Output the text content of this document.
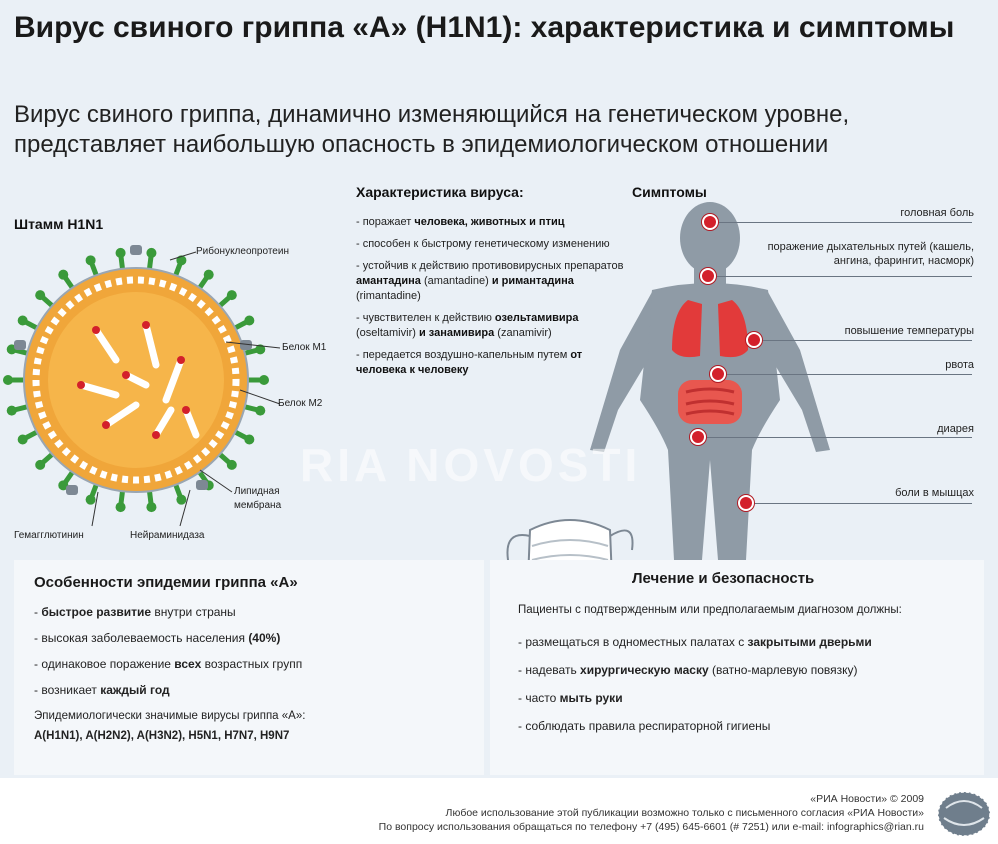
Вирус свиного гриппа «А» (H1N1): характеристика и симптомы
Вирус свиного гриппа, динамично изменяющийся на генетическом уровне, представляет наибольшую опасность в эпидемиологическом отношении
Штамм H1N1
Рибонуклеопротеин
Белок М1
Белок М2
Липидная
мембрана
Гемагглютинин	Нейраминидаза
Характеристика вируса:
- поражает человека, животных и птиц
- способен к быстрому генетическому изменению
- устойчив к действию противовирусных препаратов амантадина (amantadine) и римантадина (rimantadine)
- чувствителен к действию озельтамивира (oseltamivir) и занамивира (zanamivir)
- передается воздушно-капельным путем от человека к человеку
Симптомы
головная боль
поражение дыхательных путей (кашель, ангина, фарингит, насморк)
повышение температуры
рвота
диарея
боли в мышцах
RIA NOVOSTI
Особенности эпидемии гриппа «А»
- быстрое развитие внутри страны
- высокая заболеваемость населения (40%)
- одинаковое поражение всех возрастных групп
- возникает каждый год
Эпидемиологически значимые вирусы гриппа «А»:
A(H1N1), A(H2N2), A(H3N2), H5N1, H7N7, H9N7
Лечение и безопасность
Пациенты с подтвержденным или предполагаемым диагнозом должны:
- размещаться в одноместных палатах с закрытыми дверьми
- надевать хирургическую маску (ватно-марлевую повязку)
- часто мыть руки
- соблюдать правила респираторной гигиены
«РИА Новости» © 2009
Любое использование этой публикации возможно только с письменного согласия «РИА Новости»
По вопросу использования обращаться по телефону +7 (495) 645-6601 (# 7251) или e-mail: infographics@rian.ru
